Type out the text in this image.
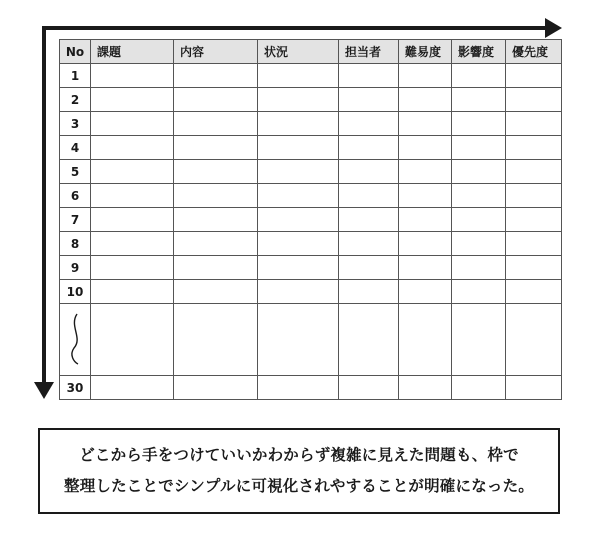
No	課題	内容	状況	担当者	難易度	影響度	優先度
1							
2							
3							
4							
5							
6							
7							
8							
9							
10							

30							
どこから手をつけていいかわからず複雑に見えた問題も、枠で
整理したことでシンプルに可視化されやすることが明確になった。
